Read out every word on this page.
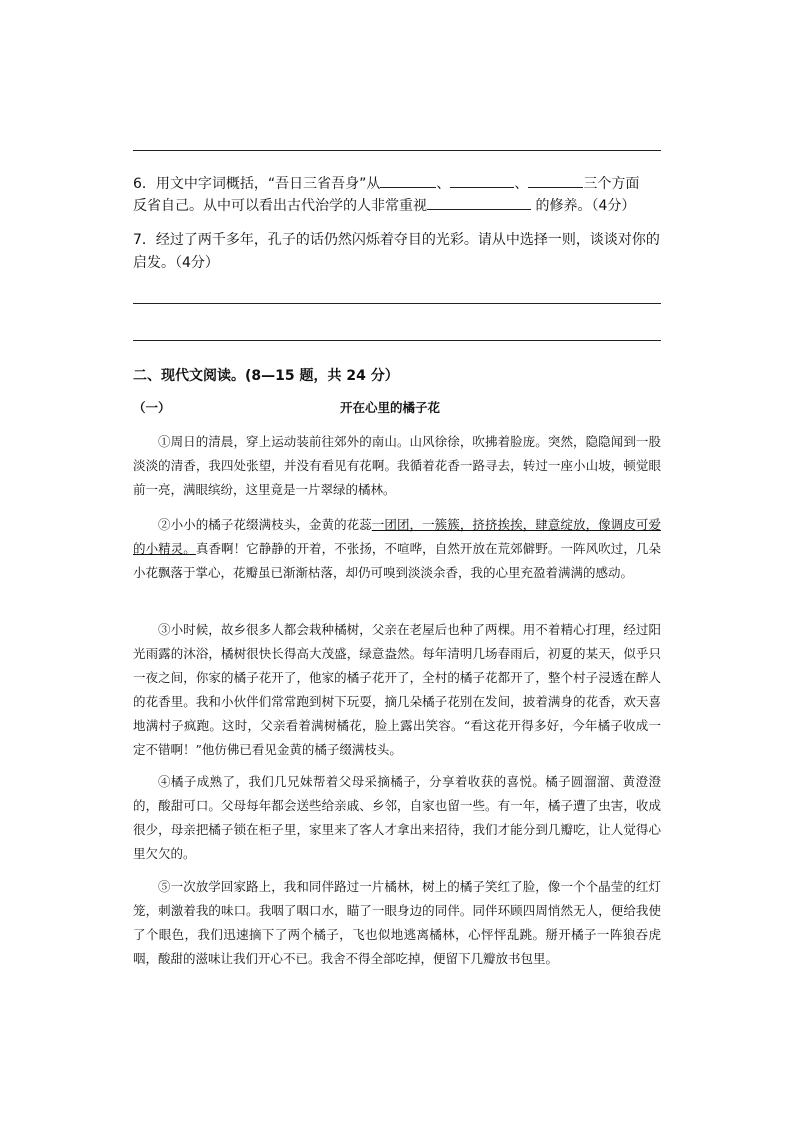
6．用文中字词概括，“吾日三省吾身”从	、	、	三个方面
反省自己。从中可以看出古代治学的人非常重视	的修养。（4分）
7．经过了两千多年，孔子的话仍然闪烁着夺目的光彩。请从中选择一则，谈谈对你的
启发。（4分）
二、现代文阅读。(8—15 题，共 24 分）
（一）	开在心里的橘子花

①周日的清晨，穿上运动装前往郊外的南山。山风徐徐，吹拂着脸庞。突然，隐隐闻到一股淡淡的清香，我四处张望，并没有看见有花啊。我循着花香一路寻去，转过一座小山坡，顿觉眼前一亮，满眼缤纷，这里竟是一片翠绿的橘林。

②小小的橘子花缀满枝头，金黄的花蕊一团团，一簇簇，挤挤挨挨，肆意绽放，像调皮可爱的小精灵。真香啊！它静静的开着，不张扬，不喧哗，自然开放在荒郊僻野。一阵风吹过，几朵小花飘落于掌心，花瓣虽已渐渐枯落，却仍可嗅到淡淡余香，我的心里充盈着满满的感动。

③小时候，故乡很多人都会栽种橘树，父亲在老屋后也种了两棵。用不着精心打理，经过阳光雨露的沐浴，橘树很快长得高大茂盛，绿意盎然。每年清明几场春雨后，初夏的某天，似乎只一夜之间，你家的橘子花开了，他家的橘子花开了，全村的橘子花都开了，整个村子浸透在醉人的花香里。我和小伙伴们常常跑到树下玩耍，摘几朵橘子花别在发间，披着满身的花香，欢天喜地满村子疯跑。这时，父亲看着满树橘花，脸上露出笑容。“看这花开得多好，今年橘子收成一定不错啊！”他仿佛已看见金黄的橘子缀满枝头。

④橘子成熟了，我们几兄妹帮着父母采摘橘子，分享着收获的喜悦。橘子圆溜溜、黄澄澄的，酸甜可口。父母每年都会送些给亲戚、乡邻，自家也留一些。有一年，橘子遭了虫害，收成很少，母亲把橘子锁在柜子里，家里来了客人才拿出来招待，我们才能分到几瓣吃，让人觉得心里欠欠的。

⑤一次放学回家路上，我和同伴路过一片橘林，树上的橘子笑红了脸，像一个个晶莹的红灯笼，刺激着我的味口。我咽了咽口水，瞄了一眼身边的同伴。同伴环顾四周悄然无人，便给我使了个眼色，我们迅速摘下了两个橘子，飞也似地逃离橘林，心怦怦乱跳。掰开橘子一阵狼吞虎咽，酸甜的滋味让我们开心不已。我舍不得全部吃掉，便留下几瓣放书包里。
